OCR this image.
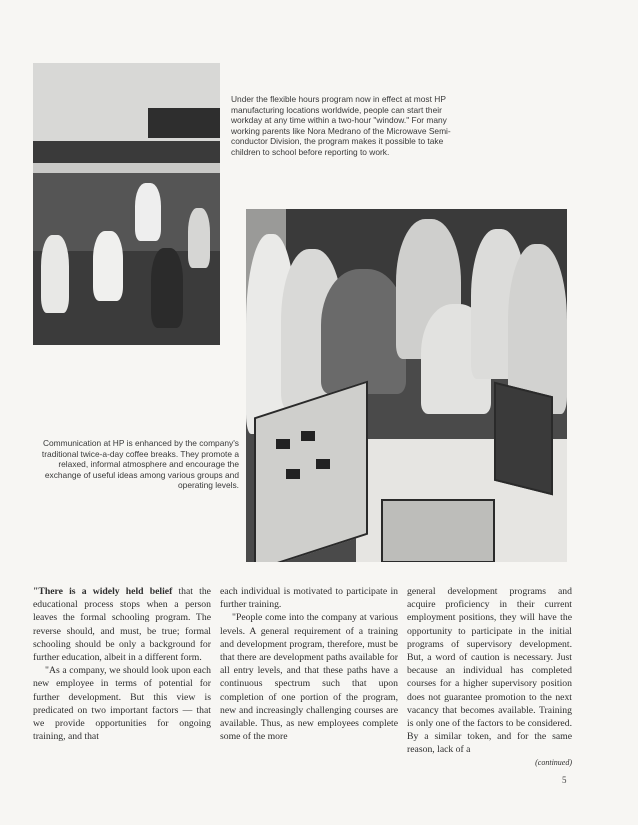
Under the flexible hours program now in effect at most HP manufacturing locations worldwide, people can start their workday at any time within a two-hour "window." For many working parents like Nora Medrano of the Microwave Semi-conductor Division, the program makes it possible to take children to school before reporting to work.

Communication at HP is enhanced by the company's traditional twice-a-day coffee breaks. They promote a relaxed, informal atmosphere and encourage the exchange of useful ideas among various groups and operating levels.

"There is a widely held belief that the educational process stops when a person leaves the formal schooling program. The reverse should, and must, be true; formal schooling should be only a background for further education, albeit in a different form.

"As a company, we should look upon each new employee in terms of potential for further development. But this view is predicated on two important factors — that we provide opportunities for ongoing training, and that

each individual is motivated to participate in further training.

"People come into the company at various levels. A general requirement of a training and development program, therefore, must be that there are development paths available for all entry levels, and that these paths have a continuous spectrum such that upon completion of one portion of the program, new and increasingly challenging courses are available. Thus, as new employees complete some of the more

general development programs and acquire proficiency in their current employment positions, they will have the opportunity to participate in the initial programs of supervisory development. But, a word of caution is necessary. Just because an individual has completed courses for a higher supervisory position does not guarantee promotion to the next vacancy that becomes available. Training is only one of the factors to be considered. By a similar token, and for the same reason, lack of a

(continued)
5
